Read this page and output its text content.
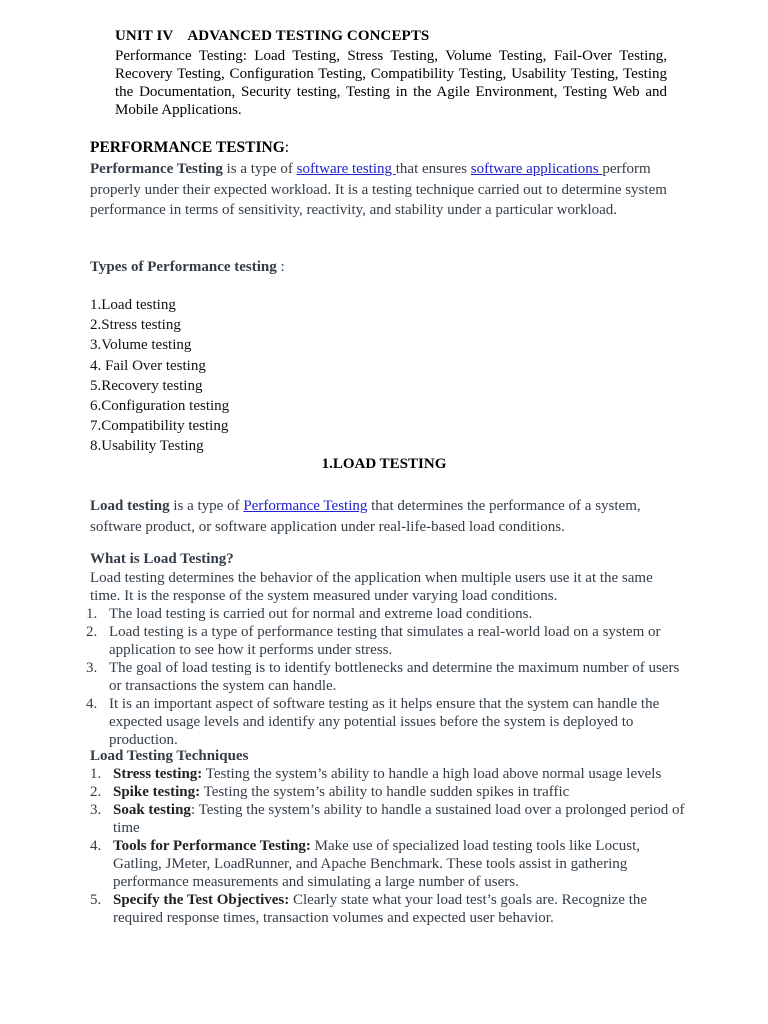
UNIT IV ADVANCED TESTING CONCEPTS
Performance Testing: Load Testing, Stress Testing, Volume Testing, Fail-Over Testing, Recovery Testing, Configuration Testing, Compatibility Testing, Usability Testing, Testing the Documentation, Security testing, Testing in the Agile Environment, Testing Web and Mobile Applications.
PERFORMANCE TESTING:
Performance Testing is a type of software testing that ensures software applications perform properly under their expected workload. It is a testing technique carried out to determine system performance in terms of sensitivity, reactivity, and stability under a particular workload.
Types of Performance testing :
1.Load testing
2.Stress testing
3.Volume testing
4. Fail Over testing
5.Recovery testing
6.Configuration testing
7.Compatibility testing
8.Usability Testing
1.LOAD TESTING
Load testing is a type of Performance Testing that determines the performance of a system, software product, or software application under real-life-based load conditions.
What is Load Testing?
Load testing determines the behavior of the application when multiple users use it at the same time. It is the response of the system measured under varying load conditions.
1. The load testing is carried out for normal and extreme load conditions.
2. Load testing is a type of performance testing that simulates a real-world load on a system or application to see how it performs under stress.
3. The goal of load testing is to identify bottlenecks and determine the maximum number of users or transactions the system can handle.
4. It is an important aspect of software testing as it helps ensure that the system can handle the expected usage levels and identify any potential issues before the system is deployed to production.
Load Testing Techniques
1. Stress testing: Testing the system’s ability to handle a high load above normal usage levels
2. Spike testing: Testing the system’s ability to handle sudden spikes in traffic
3. Soak testing: Testing the system’s ability to handle a sustained load over a prolonged period of time
4. Tools for Performance Testing: Make use of specialized load testing tools like Locust, Gatling, JMeter, LoadRunner, and Apache Benchmark. These tools assist in gathering performance measurements and simulating a large number of users.
5. Specify the Test Objectives: Clearly state what your load test’s goals are. Recognize the required response times, transaction volumes and expected user behavior.
